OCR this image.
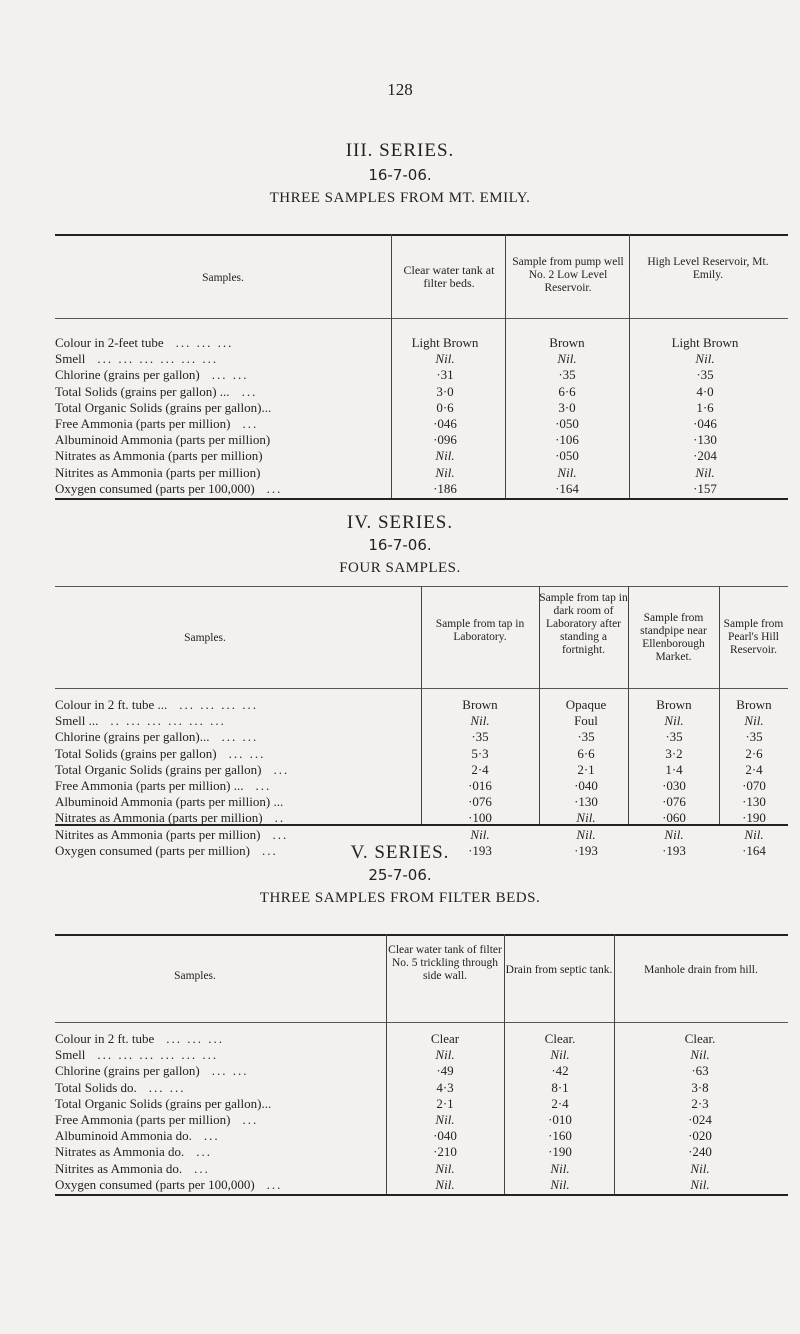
128
III. SERIES.
16-7-06.
THREE SAMPLES FROM MT. EMILY.
Samples.
Clear water tank at filter beds.
Sample from pump well No. 2 Low Level Reservoir.
High Level Reservoir, Mt. Emily.
Colour in 2-feet tube ... ... ...	Light Brown	Brown	Light Brown
Smell ... ... ... ... ... ...	Nil.	Nil.	Nil.
Chlorine (grains per gallon) ... ...	·31	·35	·35
Total Solids (grains per gallon) ... ...	3·0	6·6	4·0
Total Organic Solids (grains per gallon)...	0·6	3·0	1·6
Free Ammonia (parts per million) ...	·046	·050	·046
Albuminoid Ammonia (parts per million)	·096	·106	·130
Nitrates as Ammonia (parts per million)	Nil.	·050	·204
Nitrites as Ammonia (parts per million)	Nil.	Nil.	Nil.
Oxygen consumed (parts per 100,000) ...	·186	·164	·157
IV. SERIES.
16-7-06.
FOUR SAMPLES.
Samples.
Sample from tap in Laboratory.
Sample from tap in dark room of Laboratory after standing a fortnight.
Sample from standpipe near Ellenborough Market.
Sample from Pearl's Hill Reservoir.
Colour in 2 ft. tube ... ... ... ... ...	Brown	Opaque	Brown	Brown
Smell ... .. ... ... ... ... ...	Nil.	Foul	Nil.	Nil.
Chlorine (grains per gallon)... ... ...	·35	·35	·35	·35
Total Solids (grains per gallon) ... ...	5·3	6·6	3·2	2·6
Total Organic Solids (grains per gallon) ...	2·4	2·1	1·4	2·4
Free Ammonia (parts per million) ... ...	·016	·040	·030	·070
Albuminoid Ammonia (parts per million) ...	·076	·130	·076	·130
Nitrates as Ammonia (parts per million) ..	·100	Nil.	·060	·190
Nitrites as Ammonia (parts per million) ...	Nil.	Nil.	Nil.	Nil.
Oxygen consumed (parts per million) ...	·193	·193	·193	·164
V. SERIES.
25-7-06.
THREE SAMPLES FROM FILTER BEDS.
Samples.
Clear water tank of filter No. 5 trickling through side wall.	Drain from septic tank.	Manhole drain from hill.
Colour in 2 ft. tube ... ... ...	Clear	Clear.	Clear.
Smell ... ... ... ... ... ...	Nil.	Nil.	Nil.
Chlorine (grains per gallon) ... ...	·49	·42	·63
Total Solids do. ... ...	4·3	8·1	3·8
Total Organic Solids (grains per gallon)...	2·1	2·4	2·3
Free Ammonia (parts per million) ...	Nil.	·010	·024
Albuminoid Ammonia do. ...	·040	·160	·020
Nitrates as Ammonia do. ...	·210	·190	·240
Nitrites as Ammonia do. ...	Nil.	Nil.	Nil.
Oxygen consumed (parts per 100,000) ...	Nil.	Nil.	Nil.
